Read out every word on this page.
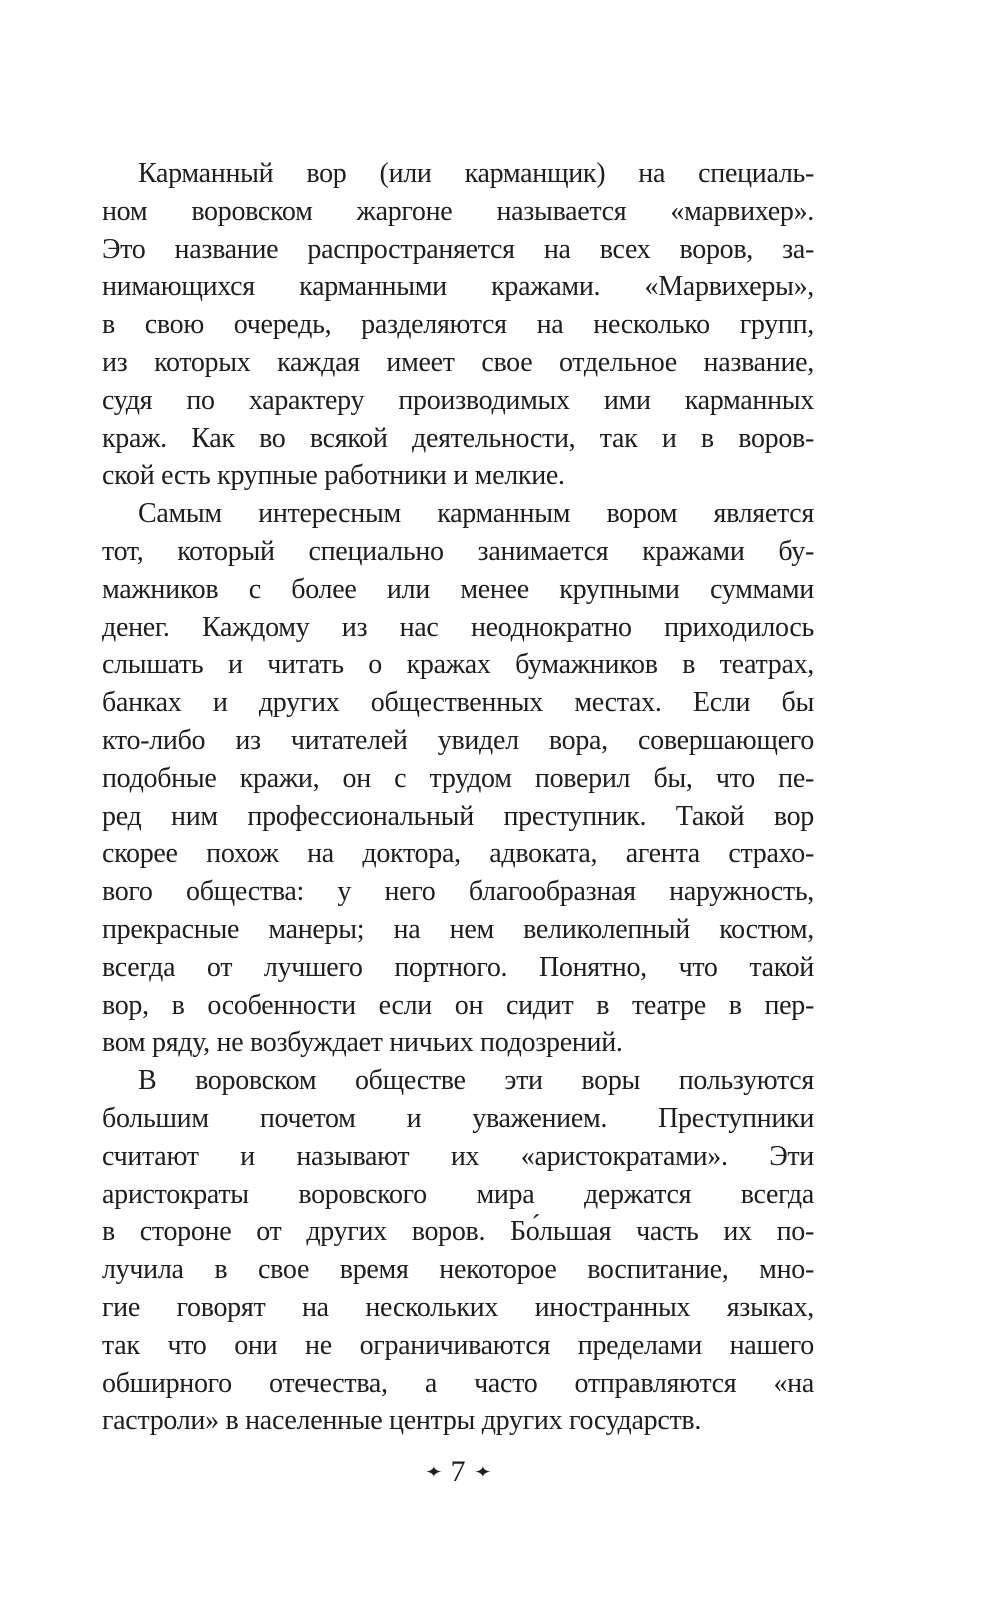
Карманный вор (или карманщик) на специаль-
ном воровском жаргоне называется «марвихер».
Это название распространяется на всех воров, за-
нимающихся карманными кражами. «Марвихеры»,
в свою очередь, разделяются на несколько групп,
из которых каждая имеет свое отдельное название,
судя по характеру производимых ими карманных
краж. Как во всякой деятельности, так и в воров-
ской есть крупные работники и мелкие.
Самым интересным карманным вором является
тот, который специально занимается кражами бу-
мажников с более или менее крупными суммами
денег. Каждому из нас неоднократно приходилось
слышать и читать о кражах бумажников в театрах,
банках и других общественных местах. Если бы
кто-либо из читателей увидел вора, совершающего
подобные кражи, он с трудом поверил бы, что пе-
ред ним профессиональный преступник. Такой вор
скорее похож на доктора, адвоката, агента страхо-
вого общества: у него благообразная наружность,
прекрасные манеры; на нем великолепный костюм,
всегда от лучшего портного. Понятно, что такой
вор, в особенности если он сидит в театре в пер-
вом ряду, не возбуждает ничьих подозрений.
В воровском обществе эти воры пользуются
большим почетом и уважением. Преступники
считают и называют их «аристократами». Эти
аристократы воровского мира держатся всегда
в стороне от других воров. Бо́льшая часть их по-
лучила в свое время некоторое воспитание, мно-
гие говорят на нескольких иностранных языках,
так что они не ограничиваются пределами нашего
обширного отечества, а часто отправляются «на
гастроли» в населенные центры других государств.
✦ 7 ✦
